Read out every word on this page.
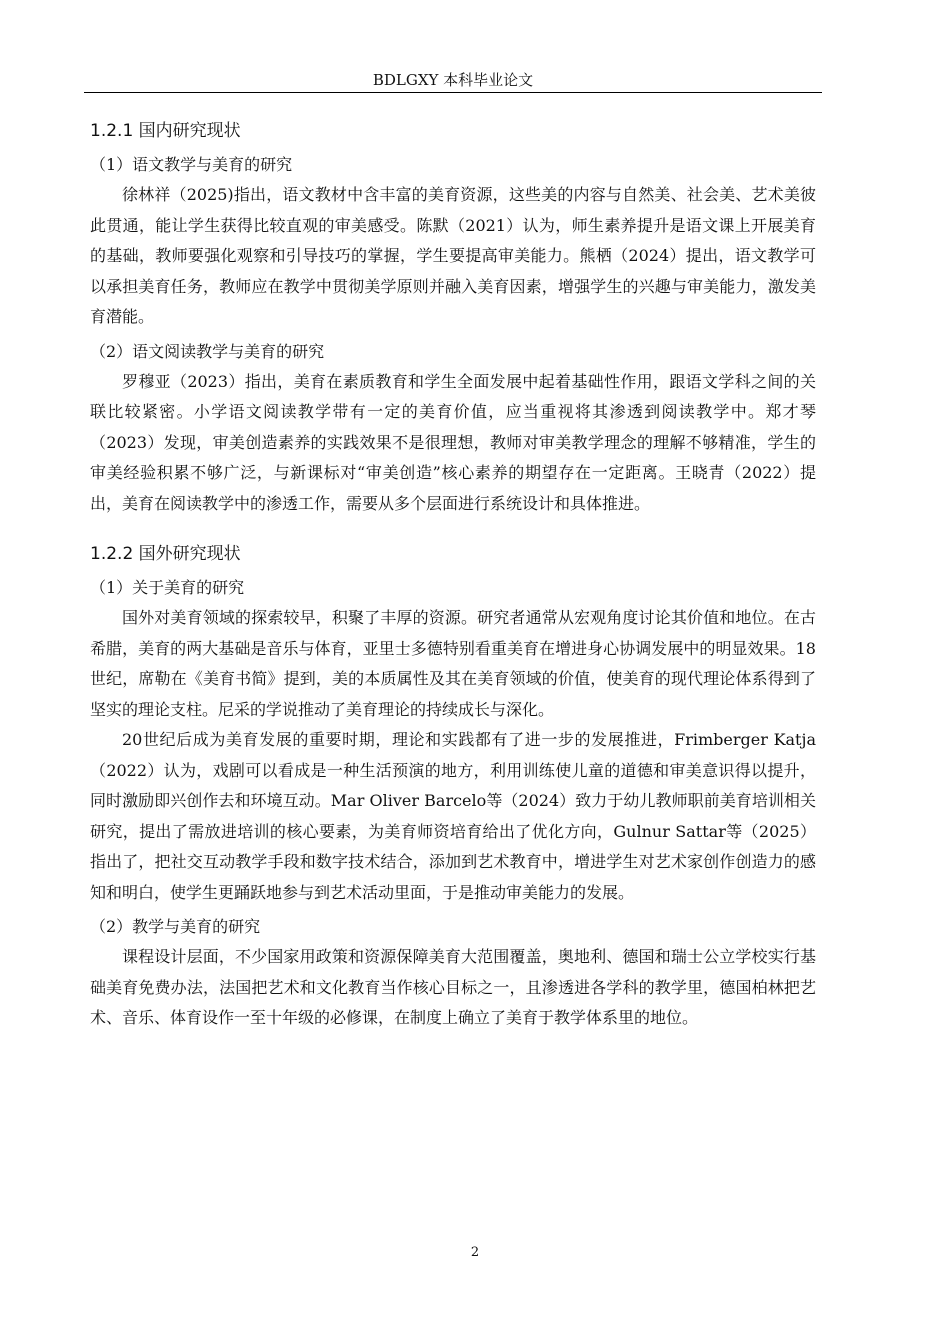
BDLGXY 本科毕业论文
1.2.1 国内研究现状
（1）语文教学与美育的研究

徐林祥（2025)指出，语文教材中含丰富的美育资源，这些美的内容与自然美、社会美、艺术美彼此贯通，能让学生获得比较直观的审美感受。陈默（2021）认为，师生素养提升是语文课上开展美育的基础，教师要强化观察和引导技巧的掌握，学生要提高审美能力。熊栖（2024）提出，语文教学可以承担美育任务，教师应在教学中贯彻美学原则并融入美育因素，增强学生的兴趣与审美能力，激发美育潜能。

（2）语文阅读教学与美育的研究

罗穆亚（2023）指出，美育在素质教育和学生全面发展中起着基础性作用，跟语文学科之间的关联比较紧密。小学语文阅读教学带有一定的美育价值，应当重视将其渗透到阅读教学中。郑才琴（2023）发现，审美创造素养的实践效果不是很理想，教师对审美教学理念的理解不够精准，学生的审美经验积累不够广泛，与新课标对“审美创造”核心素养的期望存在一定距离。王晓青（2022）提出，美育在阅读教学中的渗透工作，需要从多个层面进行系统设计和具体推进。

1.2.2 国外研究现状
（1）关于美育的研究

国外对美育领域的探索较早，积聚了丰厚的资源。研究者通常从宏观角度讨论其价值和地位。在古希腊，美育的两大基础是音乐与体育，亚里士多德特别看重美育在增进身心协调发展中的明显效果。18世纪，席勒在《美育书简》提到，美的本质属性及其在美育领域的价值，使美育的现代理论体系得到了坚实的理论支柱。尼采的学说推动了美育理论的持续成长与深化。

20世纪后成为美育发展的重要时期，理论和实践都有了进一步的发展推进，Frimberger Katja（2022）认为，戏剧可以看成是一种生活预演的地方，利用训练使儿童的道德和审美意识得以提升，同时激励即兴创作去和环境互动。Mar Oliver Barcelo等（2024）致力于幼儿教师职前美育培训相关研究，提出了需放进培训的核心要素，为美育师资培育给出了优化方向，Gulnur Sattar等（2025）指出了，把社交互动教学手段和数字技术结合，添加到艺术教育中，增进学生对艺术家创作创造力的感知和明白，使学生更踊跃地参与到艺术活动里面，于是推动审美能力的发展。

（2）教学与美育的研究

课程设计层面，不少国家用政策和资源保障美育大范围覆盖，奥地利、德国和瑞士公立学校实行基础美育免费办法，法国把艺术和文化教育当作核心目标之一，且渗透进各学科的教学里，德国柏林把艺术、音乐、体育设作一至十年级的必修课，在制度上确立了美育于教学体系里的地位。

2
